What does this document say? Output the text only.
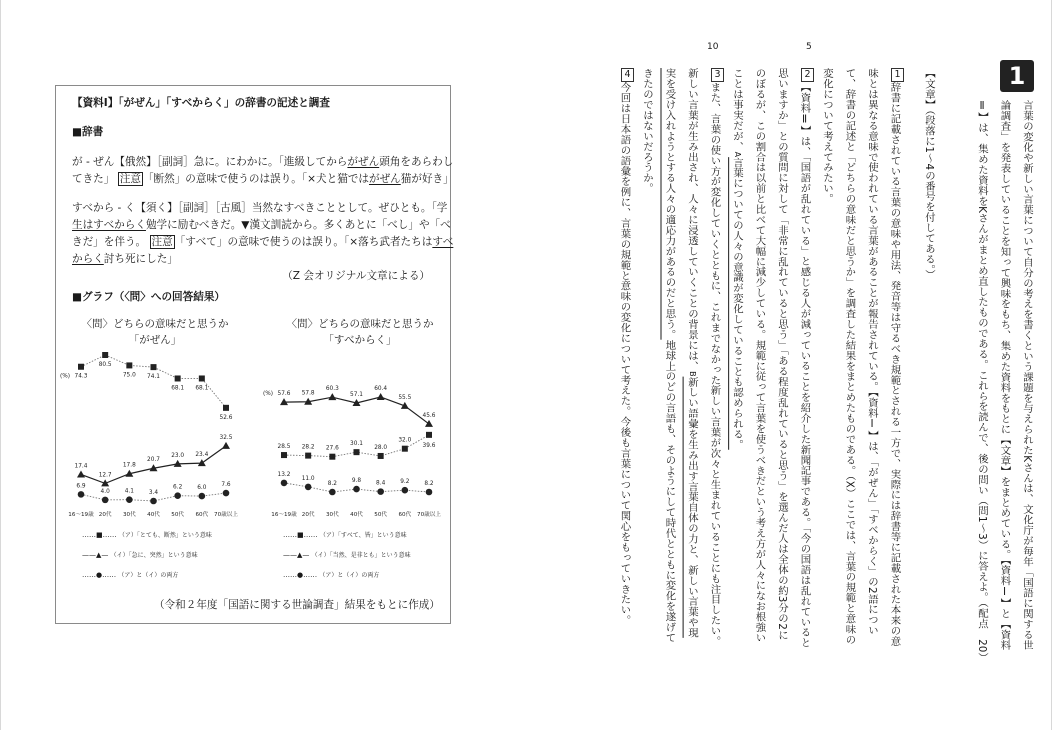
【資料Ⅰ】「がぜん」「すべからく」の辞書の記述と調査
■辞書
が - ぜん【俄然】［副詞］急に。にわかに。「進級してからがぜん頭角をあらわし
てきた」 注意 「断然」の意味で使うのは誤り。「×犬と猫ではがぜん猫が好き」
すべから - く【須く】［副詞］［古風］当然なすべきこととして。ぜひとも。「学
生はすべからく勉学に励むべきだ。▼漢文訓読から。多くあとに「べし」や「べ
きだ」を伴う。 注意 「すべて」の意味で使うのは誤り。「×落ち武者たちはすべ
からく討ち死にした」
（Z 会オリジナル文章による）
■グラフ（〈問〉への回答結果）
〈問〉どちらの意味だと思うか
「がぜん」
〈問〉どちらの意味だと思うか
「すべからく」
74.3
80.5
75.0 74.1
68.1 68.1
52.6
17.4
12.7
17.8
20.7
23.0 23.4
32.5
6.9
4.0	4.1	3.4
6.2	6.0
7.6
(%)
16～19歳 20代 30代 40代 50代 60代 70歳以上
28.5 28.2 27.6
30.1
28.0
32.0
39.6
57.6 57.8
60.3
57.1
60.4
55.5
45.6
13.2
11.0
8.2	9.8	8.4	9.2	8.2
(%)
16～19歳 20代 30代 40代 50代 60代 70歳以上
……■…… （ア）「とても、断然」という意味
——▲— （イ）「急に、突然」という意味
……●…… （ア）と（イ）の両方
……■…… （ア）「すべて、皆」という意味
——▲— （イ）「当然、是非とも」という意味
……●…… （ア）と（イ）の両方
（令和２年度「国語に関する世論調査」結果をもとに作成）
1
5
10

言葉の変化や新しい言葉について自分の考えを書くという課題を与えられたKさんは、文化庁が毎年「国語に関する世論調査」を発表していることを知って興味をもち、集めた資料をもとに【文章】をまとめている。【資料Ⅰ】と【資料Ⅱ】は、集めた資料をKさんがまとめ直したものである。これらを読んで、後の問い（問1〜3）に答えよ。（配点　20）

【文章】（段落に1〜4の番号を付してある。）

1辞書に記載されている言葉の意味や用法、発音等は守るべき規範とされる一方で、実際には辞書等に記載された本来の意味とは異なる意味で使われている言葉があることが報告されている。【資料Ⅰ】は、「がぜん」「すべからく」の2語について、辞書の記述と「どちらの意味だと思うか」を調査した結果をまとめたものである。（X）ここでは、言葉の規範と意味の変化について考えてみたい。

2【資料Ⅱ】は、「国語が乱れている」と感じる人が減っていることを紹介した新聞記事である。「今の国語は乱れていると思いますか」との質問に対して「非常に乱れていると思う」「ある程度乱れていると思う」を選んだ人は全体の約3分の2にのぼるが、この割合は以前と比べて大幅に減少している。規範に従って言葉を使うべきだという考え方が人々になお根強いことは事実だが、A言葉についての人々の意識が変化していることも認められる。

3また、言葉の使い方が変化していくとともに、これまでなかった新しい言葉が次々と生まれていることにも注目したい。新しい言葉が生み出され、人々に浸透していくことの背景には、B新しい語彙を生み出す言葉自体の力と、新しい言葉や現実を受け入れようとする人々の適応力があるのだと思う。地球上のどの言語も、そのようにして時代とともに変化を遂げてきたのではないだろうか。

4今回は日本語の語彙を例に、言葉の規範と意味の変化について考えた。今後も言葉について関心をもっていきたい。
